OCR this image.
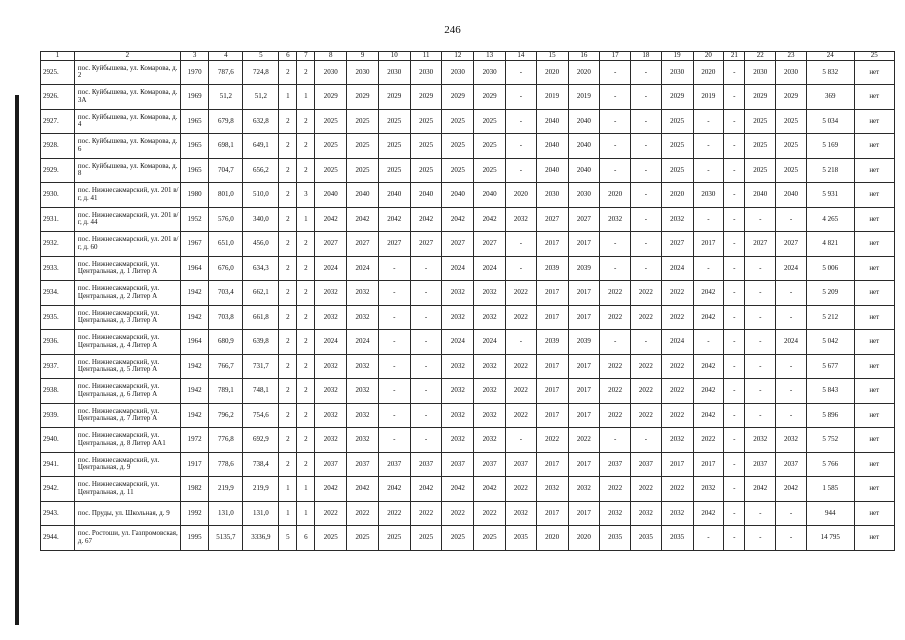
246
1	2	3	4	5	6	7	8	9	10	11	12	13	14	15	16	17	18	19	20	21	22	23	24	25
2925.	пос. Куйбышева, ул. Комарова, д. 2	1970	787,6	724,8	2	2	2030	2030	2030	2030	2030	2030	-	2020	2020	-	-	2030	2020	-	2030	2030	5 832	нет
2926.	пос. Куйбышева, ул. Комарова, д. 3А	1969	51,2	51,2	1	1	2029	2029	2029	2029	2029	2029	-	2019	2019	-	-	2029	2019	-	2029	2029	369	нет
2927.	пос. Куйбышева, ул. Комарова, д. 4	1965	679,8	632,8	2	2	2025	2025	2025	2025	2025	2025	-	2040	2040	-	-	2025	-	-	2025	2025	5 034	нет
2928.	пос. Куйбышева, ул. Комарова, д. 6	1965	698,1	649,1	2	2	2025	2025	2025	2025	2025	2025	-	2040	2040	-	-	2025	-	-	2025	2025	5 169	нет
2929.	пос. Куйбышева, ул. Комарова, д. 8	1965	704,7	656,2	2	2	2025	2025	2025	2025	2025	2025	-	2040	2040	-	-	2025	-	-	2025	2025	5 218	нет
2930.	пос. Нижнесакмарский, ул. 201 в/г, д. 41	1980	801,0	510,0	2	3	2040	2040	2040	2040	2040	2040	2020	2030	2030	2020	-	2020	2030	-	2040	2040	5 931	нет
2931.	пос. Нижнесакмарский, ул. 201 в/г, д. 44	1952	576,0	340,0	2	1	2042	2042	2042	2042	2042	2042	2032	2027	2027	2032	-	2032	-	-	-	-	4 265	нет
2932.	пос. Нижнесакмарский, ул. 201 в/г, д. 60	1967	651,0	456,0	2	2	2027	2027	2027	2027	2027	2027	-	2017	2017	-	-	2027	2017	-	2027	2027	4 821	нет
2933.	пос. Нижнесакмарский, ул. Центральная, д. 1 Литер А	1964	676,0	634,3	2	2	2024	2024	-	-	2024	2024	-	2039	2039	-	-	2024	-	-	-	2024	5 006	нет
2934.	пос. Нижнесакмарский, ул. Центральная, д. 2 Литер А	1942	703,4	662,1	2	2	2032	2032	-	-	2032	2032	2022	2017	2017	2022	2022	2022	2042	-	-	-	5 209	нет
2935.	пос. Нижнесакмарский, ул. Центральная, д. 3 Литер А	1942	703,8	661,8	2	2	2032	2032	-	-	2032	2032	2022	2017	2017	2022	2022	2022	2042	-	-	-	5 212	нет
2936.	пос. Нижнесакмарский, ул. Центральная, д. 4 Литер А	1964	680,9	639,8	2	2	2024	2024	-	-	2024	2024	-	2039	2039	-	-	2024	-	-	-	2024	5 042	нет
2937.	пос. Нижнесакмарский, ул. Центральная, д. 5 Литер А	1942	766,7	731,7	2	2	2032	2032	-	-	2032	2032	2022	2017	2017	2022	2022	2022	2042	-	-	-	5 677	нет
2938.	пос. Нижнесакмарский, ул. Центральная, д. 6 Литер А	1942	789,1	748,1	2	2	2032	2032	-	-	2032	2032	2022	2017	2017	2022	2022	2022	2042	-	-	-	5 843	нет
2939.	пос. Нижнесакмарский, ул. Центральная, д. 7 Литер А	1942	796,2	754,6	2	2	2032	2032	-	-	2032	2032	2022	2017	2017	2022	2022	2022	2042	-	-	-	5 896	нет
2940.	пос. Нижнесакмарский, ул. Центральная, д. 8 Литер АА1	1972	776,8	692,9	2	2	2032	2032	-	-	2032	2032	-	2022	2022	-	-	2032	2022	-	2032	2032	5 752	нет
2941.	пос. Нижнесакмарский, ул. Центральная, д. 9	1917	778,6	738,4	2	2	2037	2037	2037	2037	2037	2037	2037	2017	2017	2037	2037	2017	2017	-	2037	2037	5 766	нет
2942.	пос. Нижнесакмарский, ул. Центральная, д. 11	1982	219,9	219,9	1	1	2042	2042	2042	2042	2042	2042	2022	2032	2032	2022	2022	2022	2032	-	2042	2042	1 585	нет
2943.	пос. Пруды, ул. Школьная, д. 9	1992	131,0	131,0	1	1	2022	2022	2022	2022	2022	2022	2032	2017	2017	2032	2032	2032	2042	-	-	-	944	нет
2944.	пос. Ростоши, ул. Газпромовская, д. 67	1995	5135,7	3336,9	5	6	2025	2025	2025	2025	2025	2025	2035	2020	2020	2035	2035	2035	-	-	-	-	14 795	нет
